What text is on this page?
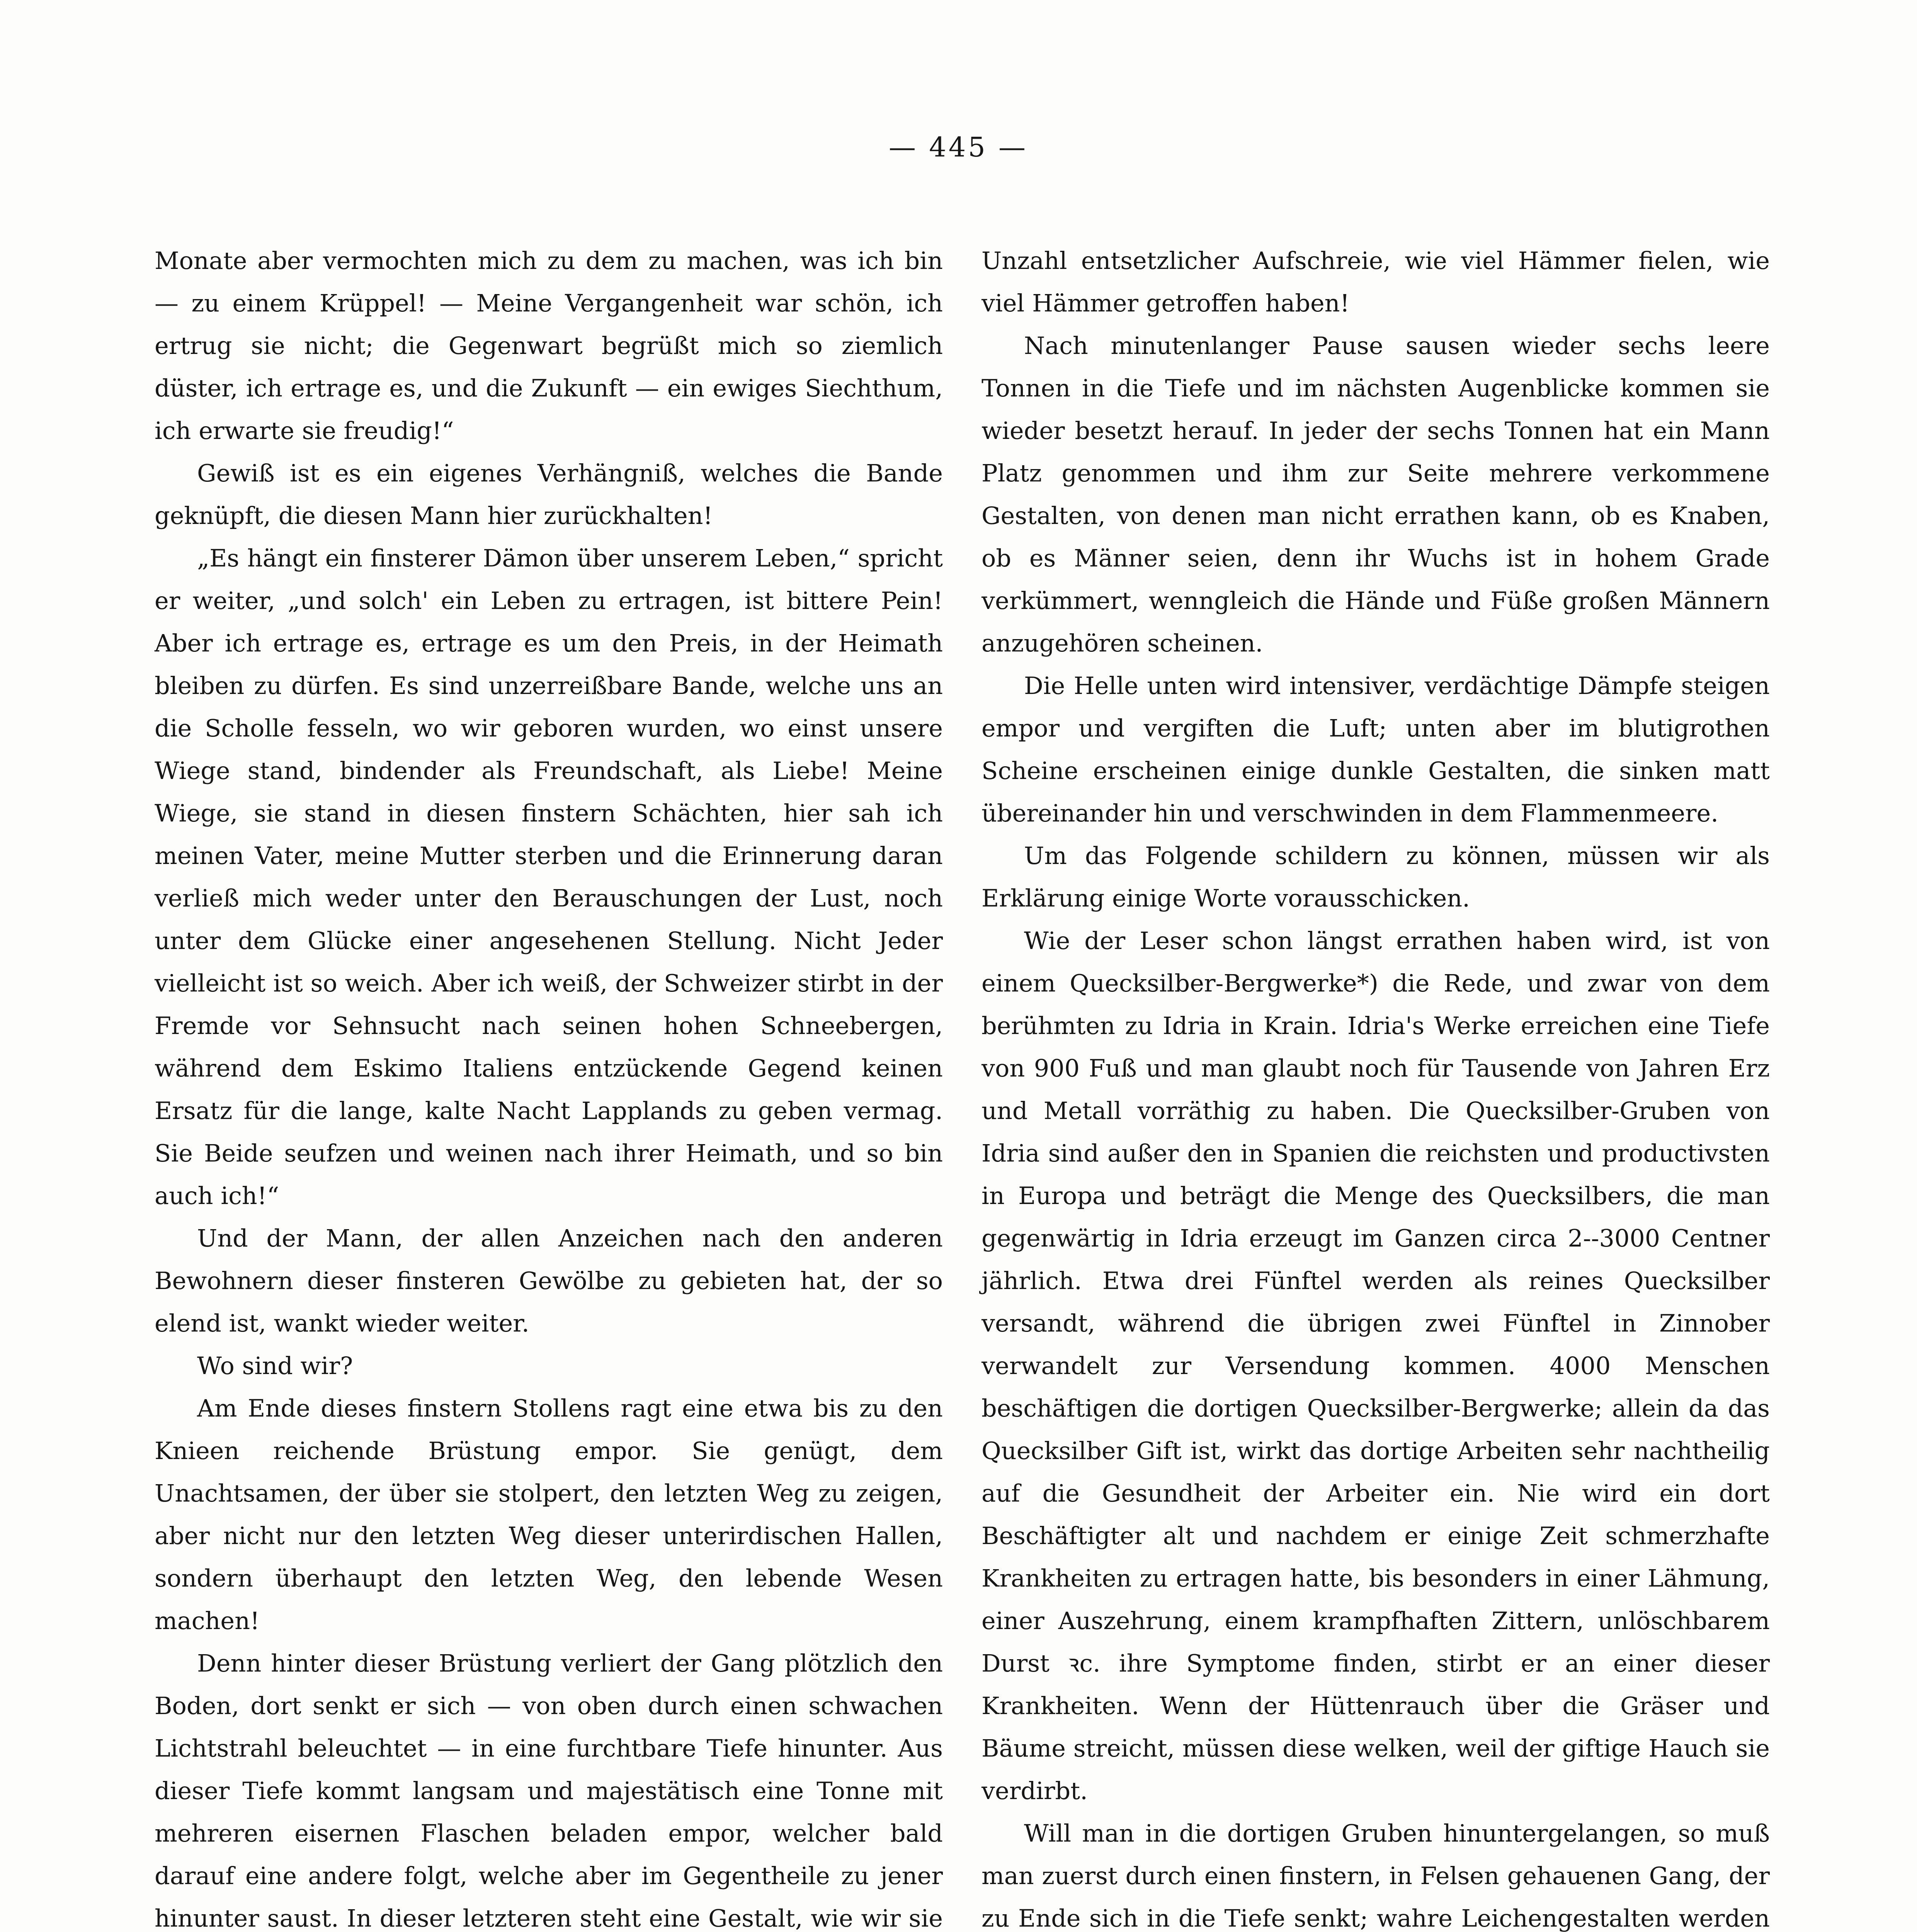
— 445 —

Monate aber vermochten mich zu dem zu machen, was ich bin — zu einem Krüppel! — Meine Vergangenheit war schön, ich ertrug sie nicht; die Gegenwart begrüßt mich so ziemlich düster, ich ertrage es, und die Zukunft — ein ewiges Siechthum, ich erwarte sie freudig!“

Gewiß ist es ein eigenes Verhängniß, welches die Bande geknüpft, die diesen Mann hier zurückhalten!

„Es hängt ein finsterer Dämon über unserem Leben,“ spricht er weiter, „und solch' ein Leben zu ertragen, ist bittere Pein! Aber ich ertrage es, ertrage es um den Preis, in der Heimath bleiben zu dürfen. Es sind unzerreißbare Bande, welche uns an die Scholle fesseln, wo wir geboren wurden, wo einst unsere Wiege stand, bindender als Freundschaft, als Liebe! Meine Wiege, sie stand in diesen finstern Schächten, hier sah ich meinen Vater, meine Mutter sterben und die Erinnerung daran verließ mich weder unter den Berauschungen der Lust, noch unter dem Glücke einer angesehenen Stellung. Nicht Jeder vielleicht ist so weich. Aber ich weiß, der Schweizer stirbt in der Fremde vor Sehnsucht nach seinen hohen Schneebergen, während dem Eskimo Italiens entzückende Gegend keinen Ersatz für die lange, kalte Nacht Lapplands zu geben vermag. Sie Beide seufzen und weinen nach ihrer Heimath, und so bin auch ich!“

Und der Mann, der allen Anzeichen nach den anderen Bewohnern dieser finsteren Gewölbe zu gebieten hat, der so elend ist, wankt wieder weiter.

Wo sind wir?

Am Ende dieses finstern Stollens ragt eine etwa bis zu den Knieen reichende Brüstung empor. Sie genügt, dem Unachtsamen, der über sie stolpert, den letzten Weg zu zeigen, aber nicht nur den letzten Weg dieser unterirdischen Hallen, sondern überhaupt den letzten Weg, den lebende Wesen machen!

Denn hinter dieser Brüstung verliert der Gang plötzlich den Boden, dort senkt er sich — von oben durch einen schwachen Lichtstrahl beleuchtet — in eine furchtbare Tiefe hinunter. Aus dieser Tiefe kommt langsam und majestätisch eine Tonne mit mehreren eisernen Flaschen beladen empor, welcher bald darauf eine andere folgt, welche aber im Gegentheile zu jener hinunter saust. In dieser letzteren steht eine Gestalt, wie wir sie

Unzahl entsetzlicher Aufschreie, wie viel Hämmer fielen, wie viel Hämmer getroffen haben!

Nach minutenlanger Pause sausen wieder sechs leere Tonnen in die Tiefe und im nächsten Augenblicke kommen sie wieder besetzt herauf. In jeder der sechs Tonnen hat ein Mann Platz genommen und ihm zur Seite mehrere verkommene Gestalten, von denen man nicht errathen kann, ob es Knaben, ob es Männer seien, denn ihr Wuchs ist in hohem Grade verkümmert, wenngleich die Hände und Füße großen Männern anzugehören scheinen.

Die Helle unten wird intensiver, verdächtige Dämpfe steigen empor und vergiften die Luft; unten aber im blutigrothen Scheine erscheinen einige dunkle Gestalten, die sinken matt übereinander hin und verschwinden in dem Flammenmeere.

Um das Folgende schildern zu können, müssen wir als Erklärung einige Worte vorausschicken.

Wie der Leser schon längst errathen haben wird, ist von einem Quecksilber-Bergwerke*) die Rede, und zwar von dem berühmten zu Idria in Krain. Idria's Werke erreichen eine Tiefe von 900 Fuß und man glaubt noch für Tausende von Jahren Erz und Metall vorräthig zu haben. Die Quecksilber-Gruben von Idria sind außer den in Spanien die reichsten und productivsten in Europa und beträgt die Menge des Quecksilbers, die man gegenwärtig in Idria erzeugt im Ganzen circa 2--3000 Centner jährlich. Etwa drei Fünftel werden als reines Quecksilber versandt, während die übrigen zwei Fünftel in Zinnober verwandelt zur Versendung kommen. 4000 Menschen beschäftigen die dortigen Quecksilber-Bergwerke; allein da das Quecksilber Gift ist, wirkt das dortige Arbeiten sehr nachtheilig auf die Gesundheit der Arbeiter ein. Nie wird ein dort Beschäftigter alt und nachdem er einige Zeit schmerzhafte Krankheiten zu ertragen hatte, bis besonders in einer Lähmung, einer Auszehrung, einem krampfhaften Zittern, unlöschbarem Durst ꝛc. ihre Symptome finden, stirbt er an einer dieser Krankheiten. Wenn der Hüttenrauch über die Gräser und Bäume streicht, müssen diese welken, weil der giftige Hauch sie verdirbt.

Will man in die dortigen Gruben hinuntergelangen, so muß man zuerst durch einen finstern, in Felsen gehauenen Gang, der zu Ende sich in die Tiefe senkt; wahre Leichengestalten werden
